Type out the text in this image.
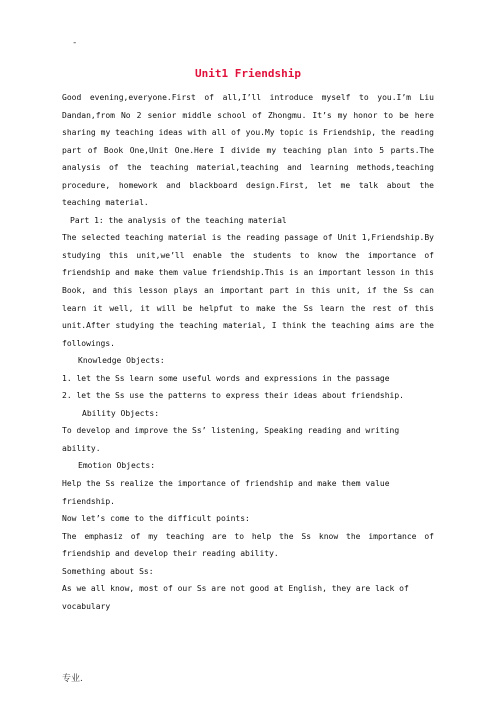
-
Unit1 Friendship

Good evening,everyone.First of all,I’ll introduce myself to you.I’m Liu Dandan,from No 2 senior middle school of Zhongmu. It’s my honor to be here sharing my teaching ideas with all of you.My topic is Friendship, the reading part of Book One,Unit One.Here I divide my teaching plan into 5 parts.The analysis of the teaching material,teaching and learning methods,teaching procedure, homework and blackboard design.First, let me talk about the teaching material.

Part 1: the analysis of the teaching material

The selected teaching material is the reading passage of Unit 1,Friendship.By studying this unit,we’ll enable the students to know the importance of friendship and make them value friendship.This is an important lesson in this Book, and this lesson plays an important part in this unit, if the Ss can learn it well, it will be helpfut to make the Ss learn the rest of this unit.After studying the teaching material, I think the teaching aims are the followings.

Knowledge Objects:

1. let the Ss learn some useful words and expressions in the passage

2. let the Ss use the patterns to express their ideas about friendship.

Ability Objects:

To develop and improve the Ss’ listening, Speaking reading and writing ability.

Emotion Objects:

Help the Ss realize the importance of friendship and make them value friendship.

Now let’s come to the difficult points:

The emphasiz of my teaching are to help the Ss know the importance of friendship and develop their reading ability.

Something about Ss:

As we all know, most of our Ss are not good at English, they are lack of vocabulary

专业.
